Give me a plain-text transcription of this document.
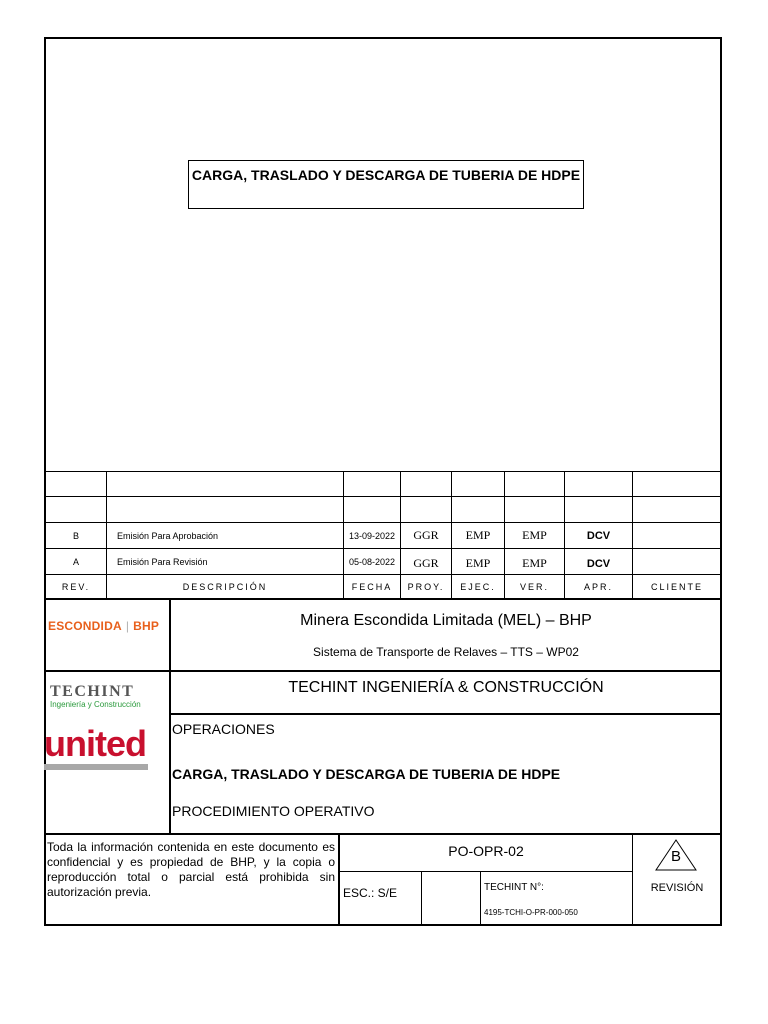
CARGA, TRASLADO Y DESCARGA DE TUBERIA DE HDPE
B	Emisión Para Aprobación	13-09-2022	GGR	EMP	EMP	DCV
A	Emisión Para Revisión	05-08-2022	GGR	EMP	EMP	DCV
REV.	DESCRIPCIÓN	FECHA	PROY.	EJEC.	VER.	APR.	CLIENTE
ESCONDIDA | BHP
TECHINT
Ingeniería y Construcción
united
Minera Escondida Limitada (MEL) – BHP
Sistema de Transporte de Relaves – TTS – WP02
TECHINT INGENIERÍA & CONSTRUCCIÓN
OPERACIONES
CARGA, TRASLADO Y DESCARGA DE TUBERIA DE HDPE
PROCEDIMIENTO OPERATIVO
Toda la información contenida en este documento es confidencial y es propiedad de BHP, y la copia o reproducción total o parcial está prohibida sin autorización previa.
PO-OPR-02
ESC.: S/E	TECHINT N°:
4195-TCHI-O-PR-000-050
B
REVISIÓN
